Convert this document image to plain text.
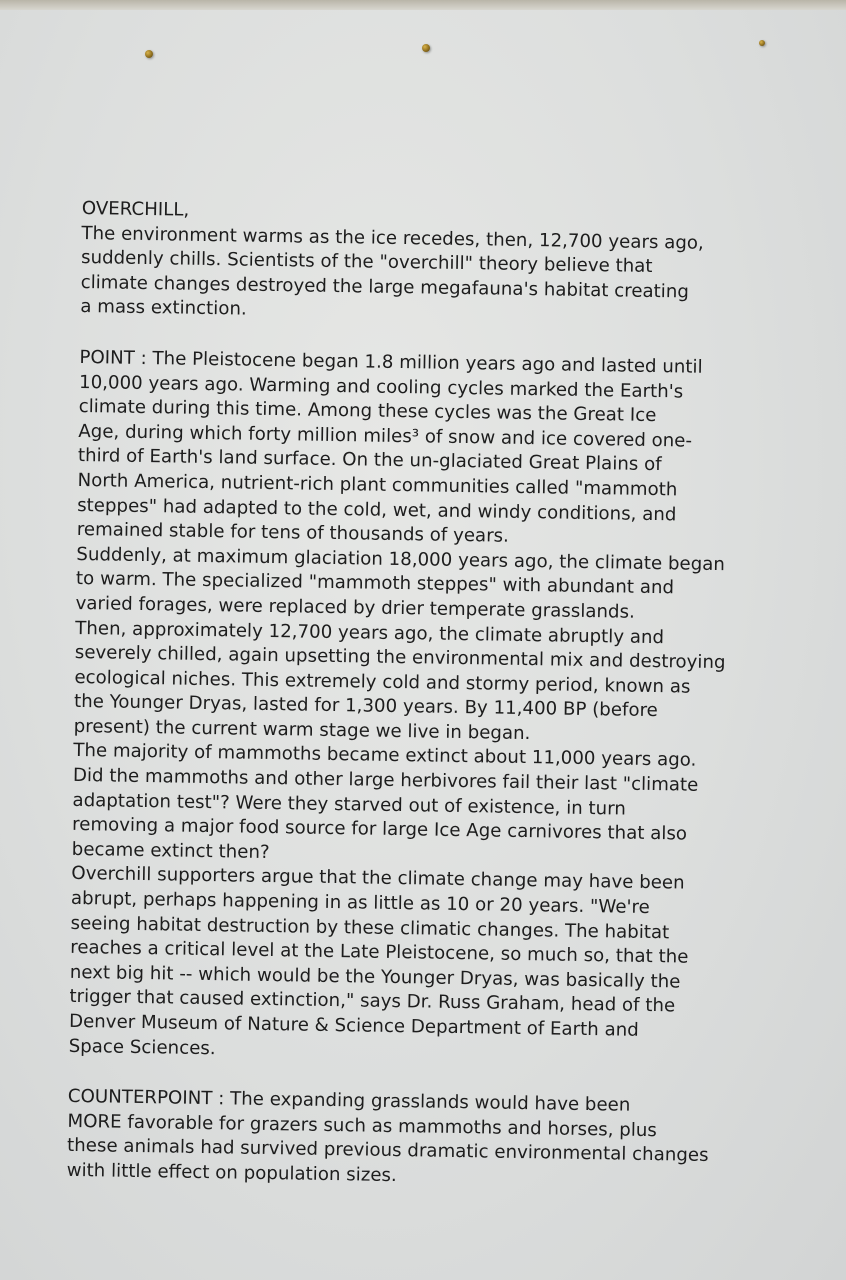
OVERCHILL,
The environment warms as the ice recedes, then, 12,700 years ago,
suddenly chills. Scientists of the "overchill" theory believe that
climate changes destroyed the large megafauna's habitat creating
a mass extinction.
POINT : The Pleistocene began 1.8 million years ago and lasted until
10,000 years ago. Warming and cooling cycles marked the Earth's
climate during this time. Among these cycles was the Great Ice
Age, during which forty million miles³ of snow and ice covered one-
third of Earth's land surface. On the un-glaciated Great Plains of
North America, nutrient-rich plant communities called "mammoth
steppes" had adapted to the cold, wet, and windy conditions, and
remained stable for tens of thousands of years.
Suddenly, at maximum glaciation 18,000 years ago, the climate began
to warm. The specialized "mammoth steppes" with abundant and
varied forages, were replaced by drier temperate grasslands.
Then, approximately 12,700 years ago, the climate abruptly and
severely chilled, again upsetting the environmental mix and destroying
ecological niches. This extremely cold and stormy period, known as
the Younger Dryas, lasted for 1,300 years. By 11,400 BP (before
present) the current warm stage we live in began.
The majority of mammoths became extinct about 11,000 years ago.
Did the mammoths and other large herbivores fail their last "climate
adaptation test"? Were they starved out of existence, in turn
removing a major food source for large Ice Age carnivores that also
became extinct then?
Overchill supporters argue that the climate change may have been
abrupt, perhaps happening in as little as 10 or 20 years. "We're
seeing habitat destruction by these climatic changes. The habitat
reaches a critical level at the Late Pleistocene, so much so, that the
next big hit -- which would be the Younger Dryas, was basically the
trigger that caused extinction," says Dr. Russ Graham, head of the
Denver Museum of Nature & Science Department of Earth and
Space Sciences.
COUNTERPOINT : The expanding grasslands would have been
MORE favorable for grazers such as mammoths and horses, plus
these animals had survived previous dramatic environmental changes
with little effect on population sizes.
